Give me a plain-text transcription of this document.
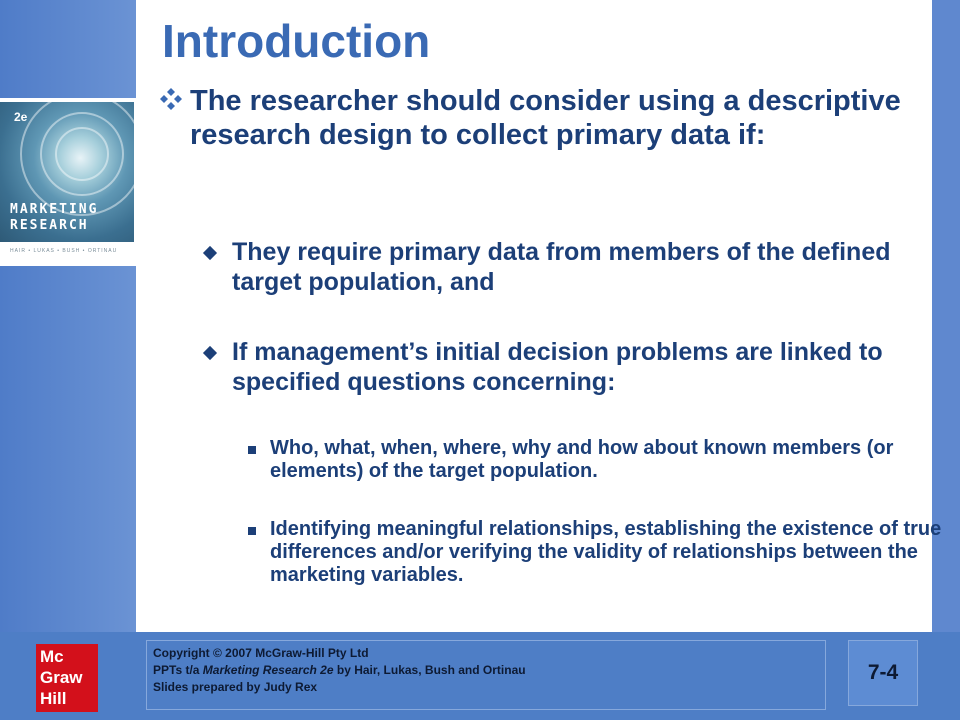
2e
MARKETING
RESEARCH
HAIR • LUKAS • BUSH • ORTINAU
Introduction
The researcher should consider using a descriptive research design to collect primary data if:
They require primary data from members of the defined target population, and
If management’s initial decision problems are linked to specified questions concerning:
Who, what, when, where, why and how about known members (or elements) of the target population.
Identifying meaningful relationships, establishing the existence of true differences and/or verifying the validity of relationships between the marketing variables.
Mc
Graw
Hill
Copyright © 2007 McGraw-Hill Pty Ltd
PPTs t/a Marketing Research 2e by Hair, Lukas, Bush and Ortinau
Slides prepared by Judy Rex
7-4
